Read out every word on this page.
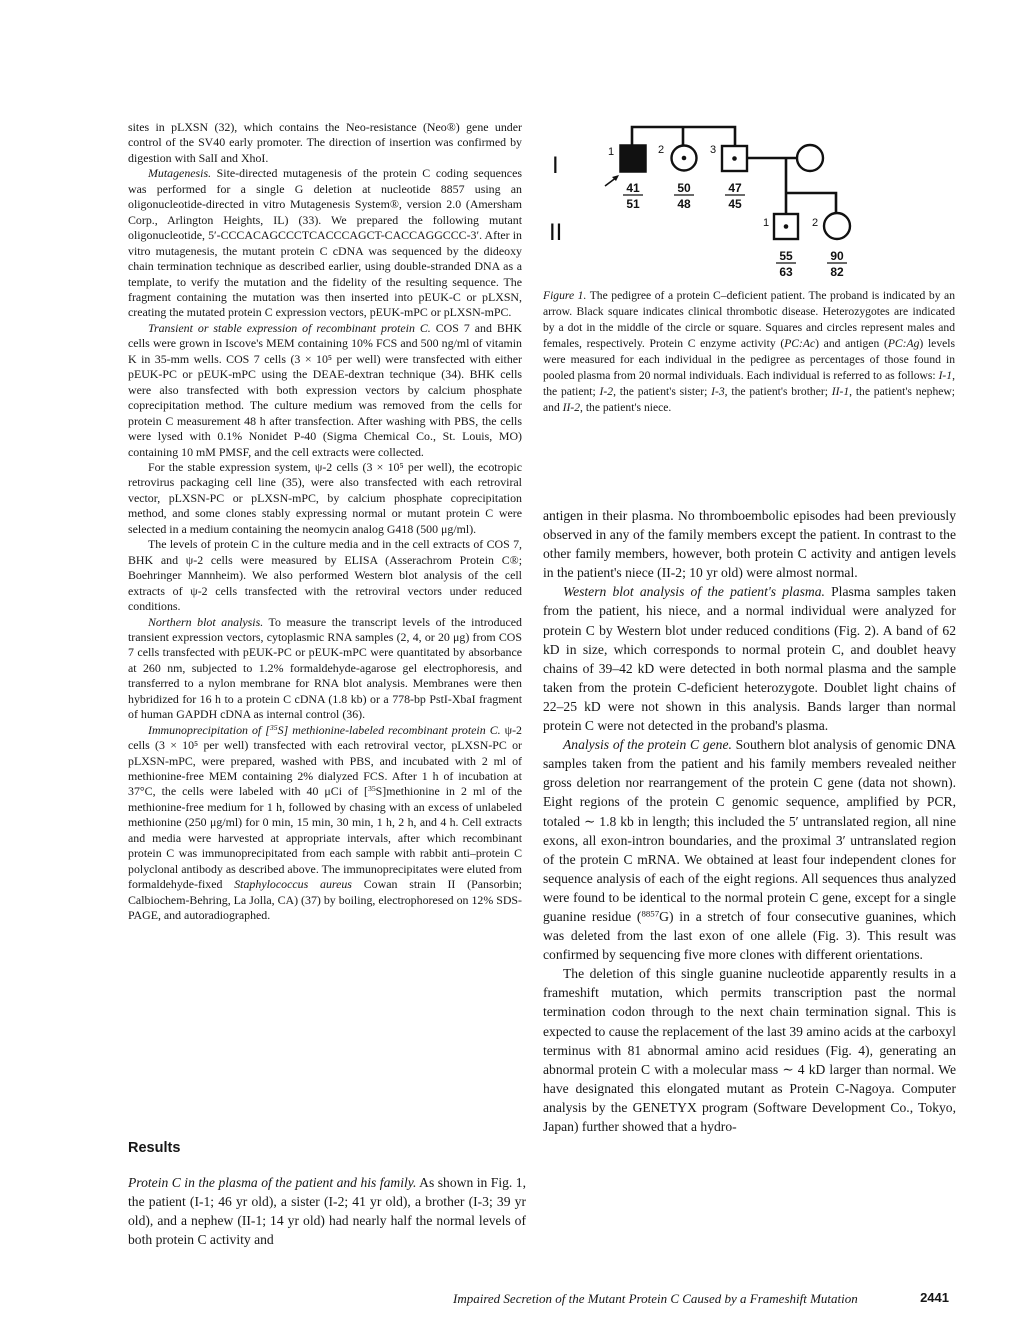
sites in pLXSN (32), which contains the Neo-resistance (Neo®) gene under control of the SV40 early promoter. The direction of insertion was confirmed by digestion with SalI and XhoI.

Mutagenesis. Site-directed mutagenesis of the protein C coding sequences was performed for a single G deletion at nucleotide 8857 using an oligonucleotide-directed in vitro Mutagenesis System®, version 2.0 (Amersham Corp., Arlington Heights, IL) (33). We prepared the following mutant oligonucleotide, 5′-CCCACAGCCCTCACCCAGCT-CACCAGGCCC-3′. After in vitro mutagenesis, the mutant protein C cDNA was sequenced by the dideoxy chain termination technique as described earlier, using double-stranded DNA as a template, to verify the mutation and the fidelity of the resulting sequence. The fragment containing the mutation was then inserted into pEUK-C or pLXSN, creating the mutated protein C expression vectors, pEUK-mPC or pLXSN-mPC.

Transient or stable expression of recombinant protein C. COS 7 and BHK cells were grown in Iscove's MEM containing 10% FCS and 500 ng/ml of vitamin K in 35-mm wells. COS 7 cells (3 × 10⁵ per well) were transfected with either pEUK-PC or pEUK-mPC using the DEAE-dextran technique (34). BHK cells were also transfected with both expression vectors by calcium phosphate coprecipitation method. The culture medium was removed from the cells for protein C measurement 48 h after transfection. After washing with PBS, the cells were lysed with 0.1% Nonidet P-40 (Sigma Chemical Co., St. Louis, MO) containing 10 mM PMSF, and the cell extracts were collected.

For the stable expression system, ψ-2 cells (3 × 10⁵ per well), the ecotropic retrovirus packaging cell line (35), were also transfected with each retroviral vector, pLXSN-PC or pLXSN-mPC, by calcium phosphate coprecipitation method, and some clones stably expressing normal or mutant protein C were selected in a medium containing the neomycin analog G418 (500 μg/ml).

The levels of protein C in the culture media and in the cell extracts of COS 7, BHK and ψ-2 cells were measured by ELISA (Asserachrom Protein C®; Boehringer Mannheim). We also performed Western blot analysis of the cell extracts of ψ-2 cells transfected with the retroviral vectors under reduced conditions.

Northern blot analysis. To measure the transcript levels of the introduced transient expression vectors, cytoplasmic RNA samples (2, 4, or 20 μg) from COS 7 cells transfected with pEUK-PC or pEUK-mPC were quantitated by absorbance at 260 nm, subjected to 1.2% formaldehyde-agarose gel electrophoresis, and transferred to a nylon membrane for RNA blot analysis. Membranes were then hybridized for 16 h to a protein C cDNA (1.8 kb) or a 778-bp PstI-XbaI fragment of human GAPDH cDNA as internal control (36).

Immunoprecipitation of [$^{35}$S] methionine-labeled recombinant protein C. ψ-2 cells (3 × 10⁵ per well) transfected with each retroviral vector, pLXSN-PC or pLXSN-mPC, were prepared, washed with PBS, and incubated with 2 ml of methionine-free MEM containing 2% dialyzed FCS. After 1 h of incubation at 37°C, the cells were labeled with 40 μCi of [$^{35}$S]methionine in 2 ml of the methionine-free medium for 1 h, followed by chasing with an excess of unlabeled methionine (250 μg/ml) for 0 min, 15 min, 30 min, 1 h, 2 h, and 4 h. Cell extracts and media were harvested at appropriate intervals, after which recombinant protein C was immunoprecipitated from each sample with rabbit anti–protein C polyclonal antibody as described above. The immunoprecipitates were eluted from formaldehyde-fixed Staphylococcus aureus Cowan strain II (Pansorbin; Calbiochem-Behring, La Jolla, CA) (37) by boiling, electrophoresed on 12% SDS-PAGE, and autoradiographed.

Results

Protein C in the plasma of the patient and his family. As shown in Fig. 1, the patient (I-1; 46 yr old), a sister (I-2; 41 yr old), a brother (I-3; 39 yr old), and a nephew (II-1; 14 yr old) had nearly half the normal levels of both protein C activity and

I
II
1
41
51
2
50
48
3
47
45
1
55
63
2
90
82

Figure 1. The pedigree of a protein C–deficient patient. The proband is indicated by an arrow. Black square indicates clinical thrombotic disease. Heterozygotes are indicated by a dot in the middle of the circle or square. Squares and circles represent males and females, respectively. Protein C enzyme activity (PC:Ac) and antigen (PC:Ag) levels were measured for each individual in the pedigree as percentages of those found in pooled plasma from 20 normal individuals. Each individual is referred to as follows: I-1, the patient; I-2, the patient's sister; I-3, the patient's brother; II-1, the patient's nephew; and II-2, the patient's niece.

antigen in their plasma. No thromboembolic episodes had been previously observed in any of the family members except the patient. In contrast to the other family members, however, both protein C activity and antigen levels in the patient's niece (II-2; 10 yr old) were almost normal.

Western blot analysis of the patient's plasma. Plasma samples taken from the patient, his niece, and a normal individual were analyzed for protein C by Western blot under reduced conditions (Fig. 2). A band of 62 kD in size, which corresponds to normal protein C, and doublet heavy chains of 39–42 kD were detected in both normal plasma and the sample taken from the protein C-deficient heterozygote. Doublet light chains of 22–25 kD were not shown in this analysis. Bands larger than normal protein C were not detected in the proband's plasma.

Analysis of the protein C gene. Southern blot analysis of genomic DNA samples taken from the patient and his family members revealed neither gross deletion nor rearrangement of the protein C gene (data not shown). Eight regions of the protein C genomic sequence, amplified by PCR, totaled ∼ 1.8 kb in length; this included the 5′ untranslated region, all nine exons, all exon-intron boundaries, and the proximal 3′ untranslated region of the protein C mRNA. We obtained at least four independent clones for sequence analysis of each of the eight regions. All sequences thus analyzed were found to be identical to the normal protein C gene, except for a single guanine residue ($^{8857}$G) in a stretch of four consecutive guanines, which was deleted from the last exon of one allele (Fig. 3). This result was confirmed by sequencing five more clones with different orientations.

The deletion of this single guanine nucleotide apparently results in a frameshift mutation, which permits transcription past the normal termination codon through to the next chain termination signal. This is expected to cause the replacement of the last 39 amino acids at the carboxyl terminus with 81 abnormal amino acid residues (Fig. 4), generating an abnormal protein C with a molecular mass ∼ 4 kD larger than normal. We have designated this elongated mutant as Protein C-Nagoya. Computer analysis by the GENETYX program (Software Development Co., Tokyo, Japan) further showed that a hydro-

Impaired Secretion of the Mutant Protein C Caused by a Frameshift Mutation	2441
